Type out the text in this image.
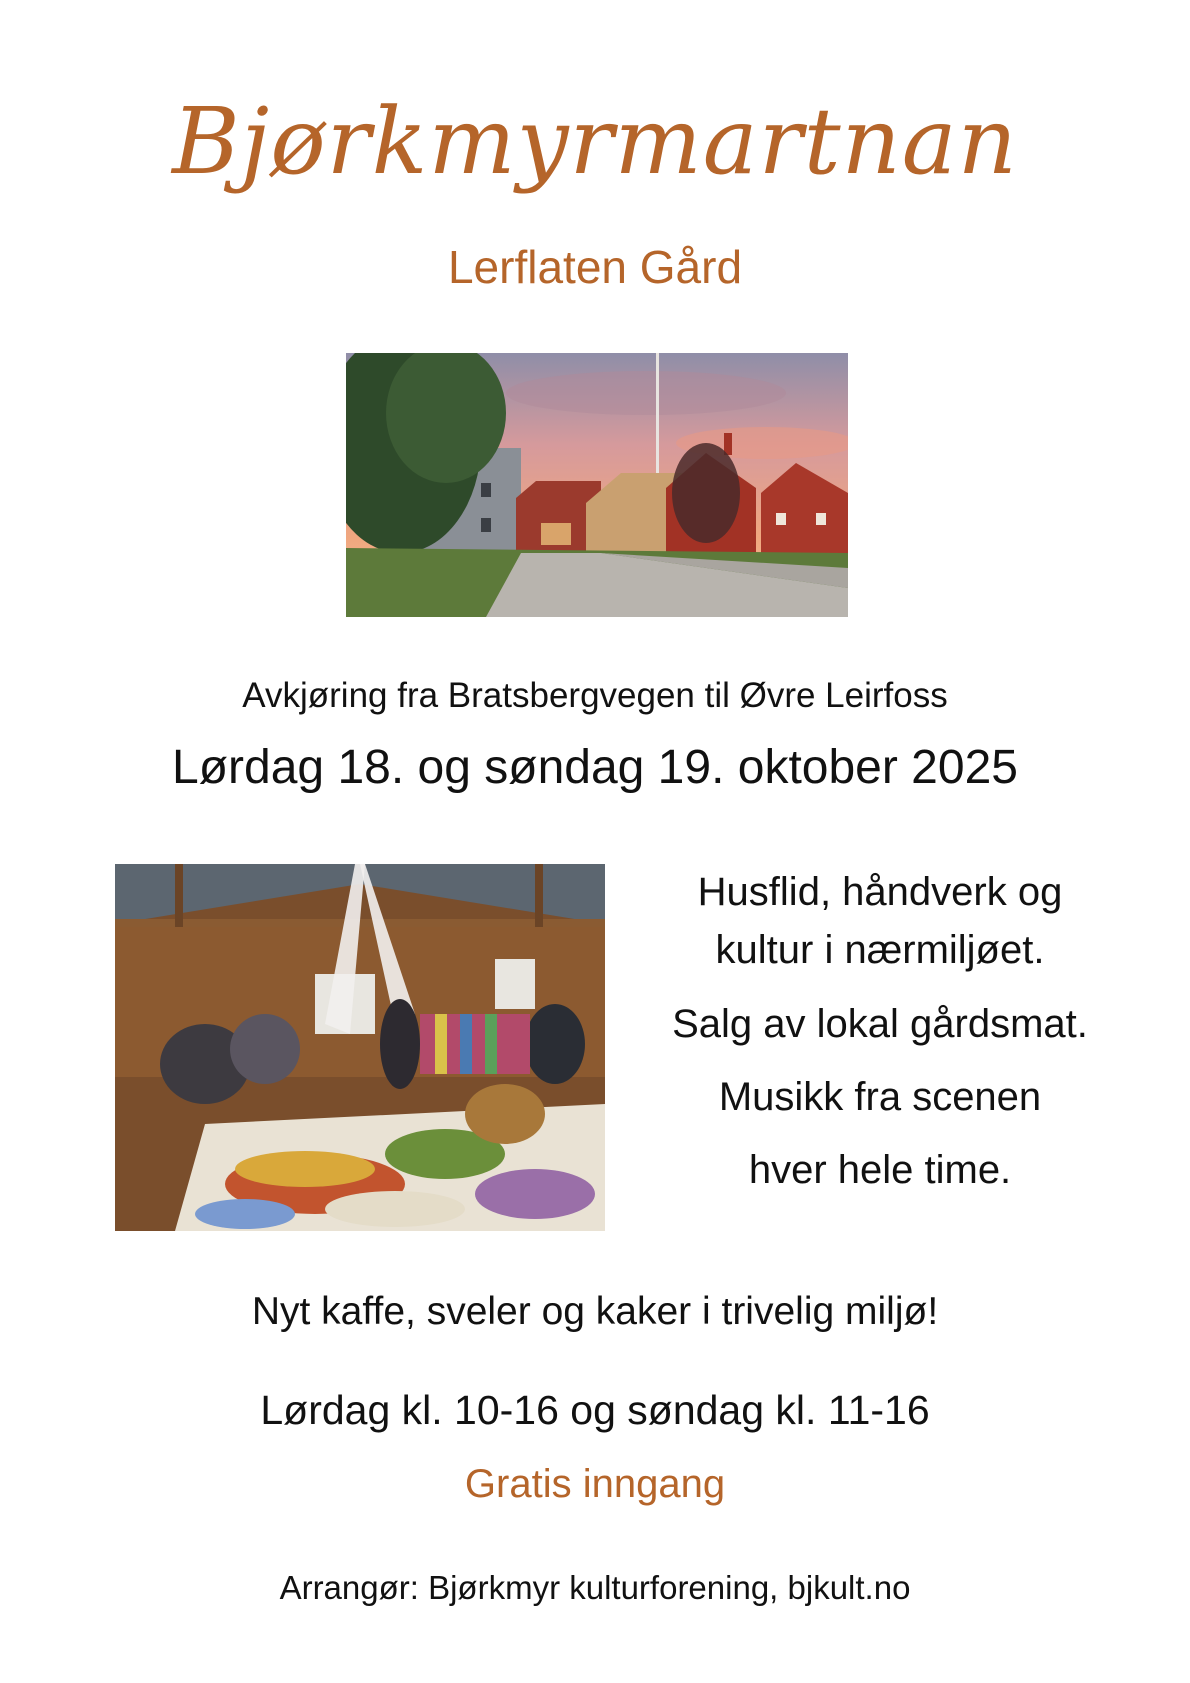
Bjørkmyrmartnan
Lerflaten Gård
Avkjøring fra Bratsbergvegen til Øvre Leirfoss
Lørdag 18. og søndag 19. oktober 2025
Husflid, håndverk og
kultur i nærmiljøet.
Salg av lokal gårdsmat.
Musikk fra scenen
hver hele time.
Nyt kaffe, sveler og kaker i trivelig miljø!
Lørdag kl. 10-16 og søndag kl. 11-16
Gratis inngang
Arrangør: Bjørkmyr kulturforening, bjkult.no
